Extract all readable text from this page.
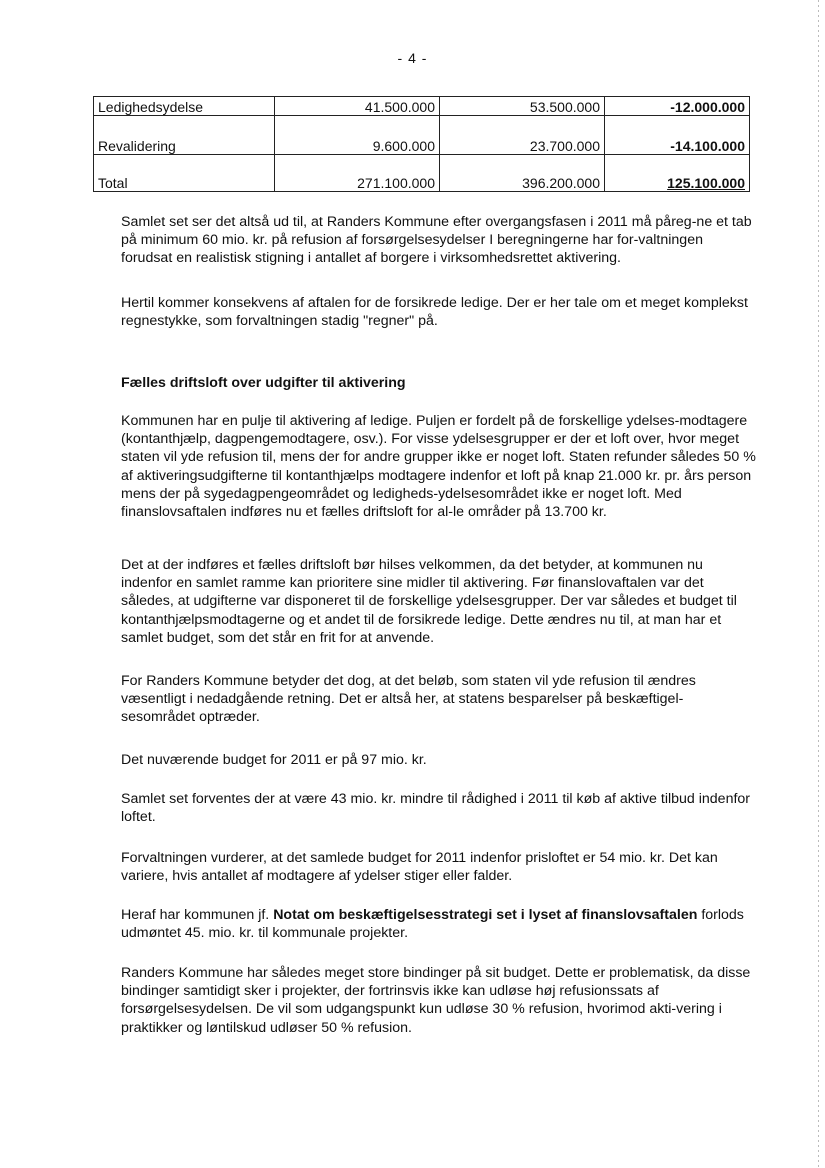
- 4 -
Ledighedsydelse	41.500.000	53.500.000	-12.000.000
Revalidering	9.600.000	23.700.000	-14.100.000
Total	271.100.000	396.200.000	125.100.000

Samlet set ser det altså ud til, at Randers Kommune efter overgangsfasen i 2011 må påreg-ne et tab på minimum 60 mio. kr. på refusion af forsørgelsesydelser I beregningerne har for-valtningen forudsat en realistisk stigning i antallet af borgere i virksomhedsrettet aktivering.

Hertil kommer konsekvens af aftalen for de forsikrede ledige. Der er her tale om et meget komplekst regnestykke, som forvaltningen stadig "regner" på.

Fælles driftsloft over udgifter til aktivering

Kommunen har en pulje til aktivering af ledige. Puljen er fordelt på de forskellige ydelses-modtagere (kontanthjælp, dagpengemodtagere, osv.). For visse ydelsesgrupper er der et loft over, hvor meget staten vil yde refusion til, mens der for andre grupper ikke er noget loft. Staten refunder således 50 % af aktiveringsudgifterne til kontanthjælps modtagere indenfor et loft på knap 21.000 kr. pr. års person mens der på sygedagpengeområdet og ledigheds-ydelsesområdet ikke er noget loft. Med finanslovsaftalen indføres nu et fælles driftsloft for al-le områder på 13.700 kr.

Det at der indføres et fælles driftsloft bør hilses velkommen, da det betyder, at kommunen nu indenfor en samlet ramme kan prioritere sine midler til aktivering. Før finanslovaftalen var det således, at udgifterne var disponeret til de forskellige ydelsesgrupper. Der var således et budget til kontanthjælpsmodtagerne og et andet til de forsikrede ledige. Dette ændres nu til, at man har et samlet budget, som det står en frit for at anvende.

For Randers Kommune betyder det dog, at det beløb, som staten vil yde refusion til ændres væsentligt i nedadgående retning. Det er altså her, at statens besparelser på beskæftigel-sesområdet optræder.

Det nuværende budget for 2011 er på 97 mio. kr.

Samlet set forventes der at være 43 mio. kr. mindre til rådighed i 2011 til køb af aktive tilbud indenfor loftet.

Forvaltningen vurderer, at det samlede budget for 2011 indenfor prisloftet er 54 mio. kr. Det kan variere, hvis antallet af modtagere af ydelser stiger eller falder.

Heraf har kommunen jf. Notat om beskæftigelsesstrategi set i lyset af finanslovsaftalen forlods udmøntet 45. mio. kr. til kommunale projekter.

Randers Kommune har således meget store bindinger på sit budget. Dette er problematisk, da disse bindinger samtidigt sker i projekter, der fortrinsvis ikke kan udløse høj refusionssats af forsørgelsesydelsen. De vil som udgangspunkt kun udløse 30 % refusion, hvorimod akti-vering i praktikker og løntilskud udløser 50 % refusion.
